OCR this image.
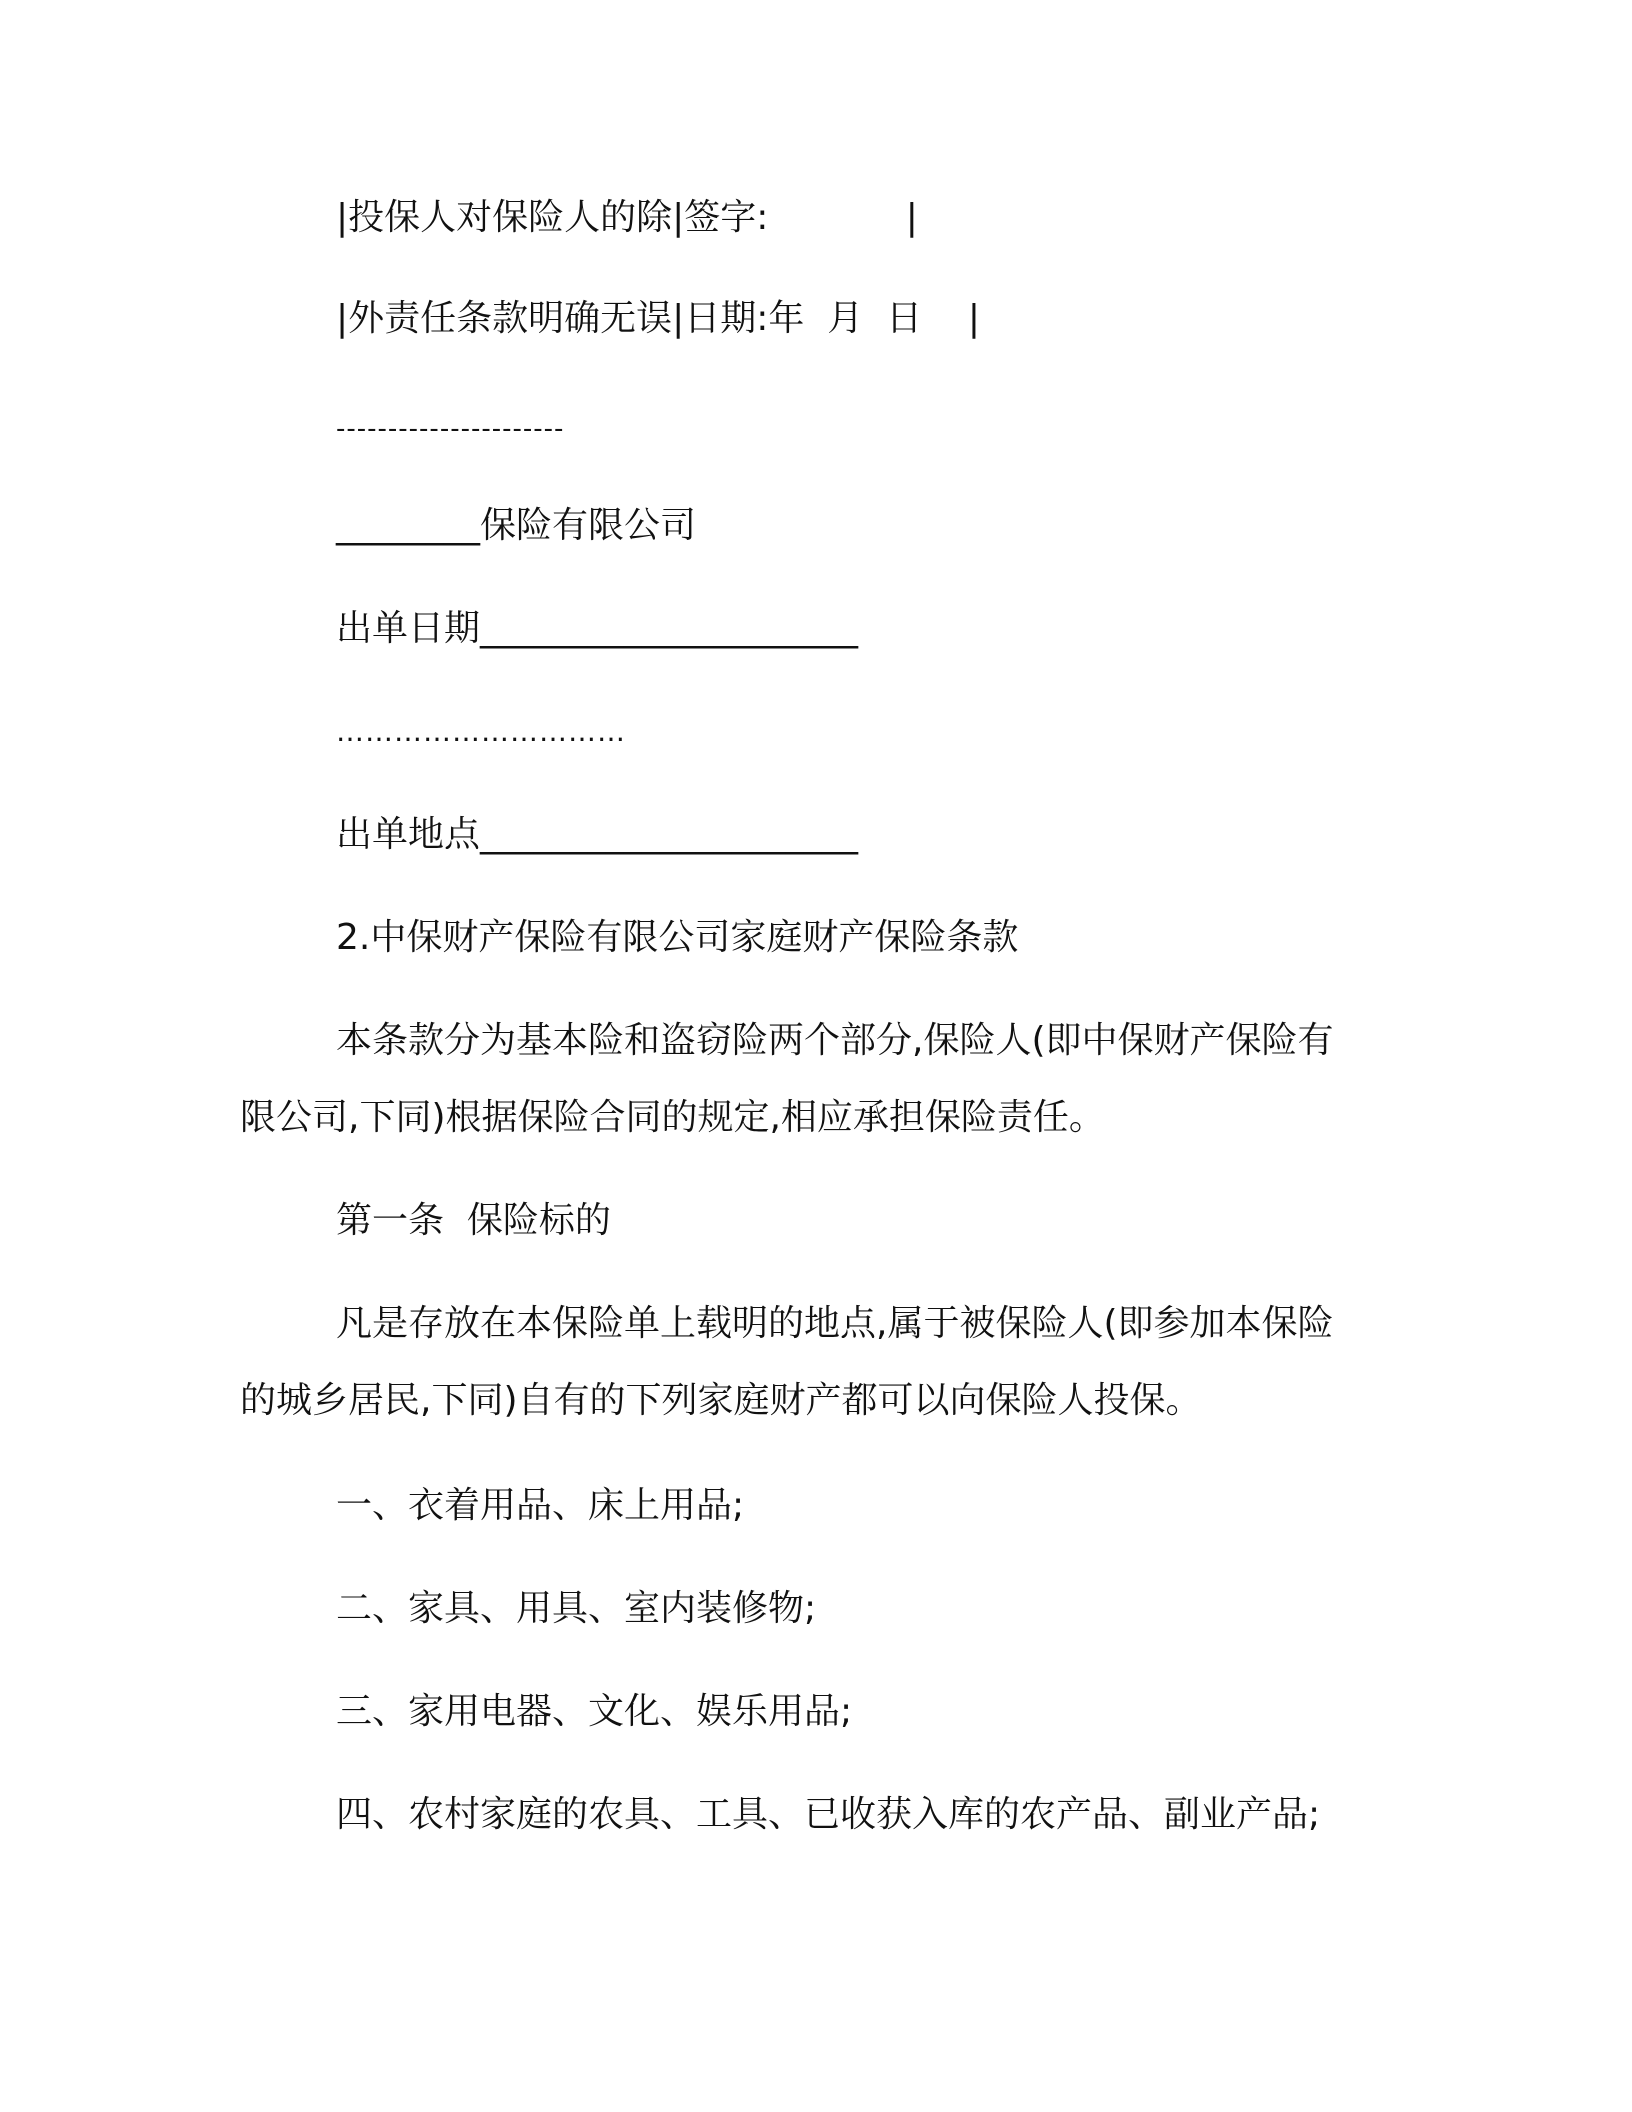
|投保人对保险人的除|签字:            |
|外责任条款明确无误|日期:年  月  日    |
----------------------
________保险有限公司
出单日期_____________________
…………………………
出单地点_____________________
2.中保财产保险有限公司家庭财产保险条款
本条款分为基本险和盗窃险两个部分,保险人(即中保财产保险有
限公司,下同)根据保险合同的规定,相应承担保险责任。
第一条  保险标的
凡是存放在本保险单上载明的地点,属于被保险人(即参加本保险
的城乡居民,下同)自有的下列家庭财产都可以向保险人投保。
一、衣着用品、床上用品;
二、家具、用具、室内装修物;
三、家用电器、文化、娱乐用品;
四、农村家庭的农具、工具、已收获入库的农产品、副业产品;
